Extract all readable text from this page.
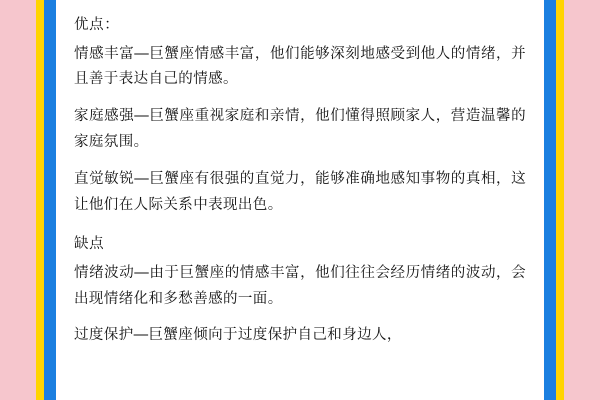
优点：

情感丰富—巨蟹座情感丰富，他们能够深刻地感受到他人的情绪，并且善于表达自己的情感。

家庭感强—巨蟹座重视家庭和亲情，他们懂得照顾家人，营造温馨的家庭氛围。

直觉敏锐—巨蟹座有很强的直觉力，能够准确地感知事物的真相，这让他们在人际关系中表现出色。

缺点

情绪波动—由于巨蟹座的情感丰富，他们往往会经历情绪的波动，会出现情绪化和多愁善感的一面。

过度保护—巨蟹座倾向于过度保护自己和身边人，
